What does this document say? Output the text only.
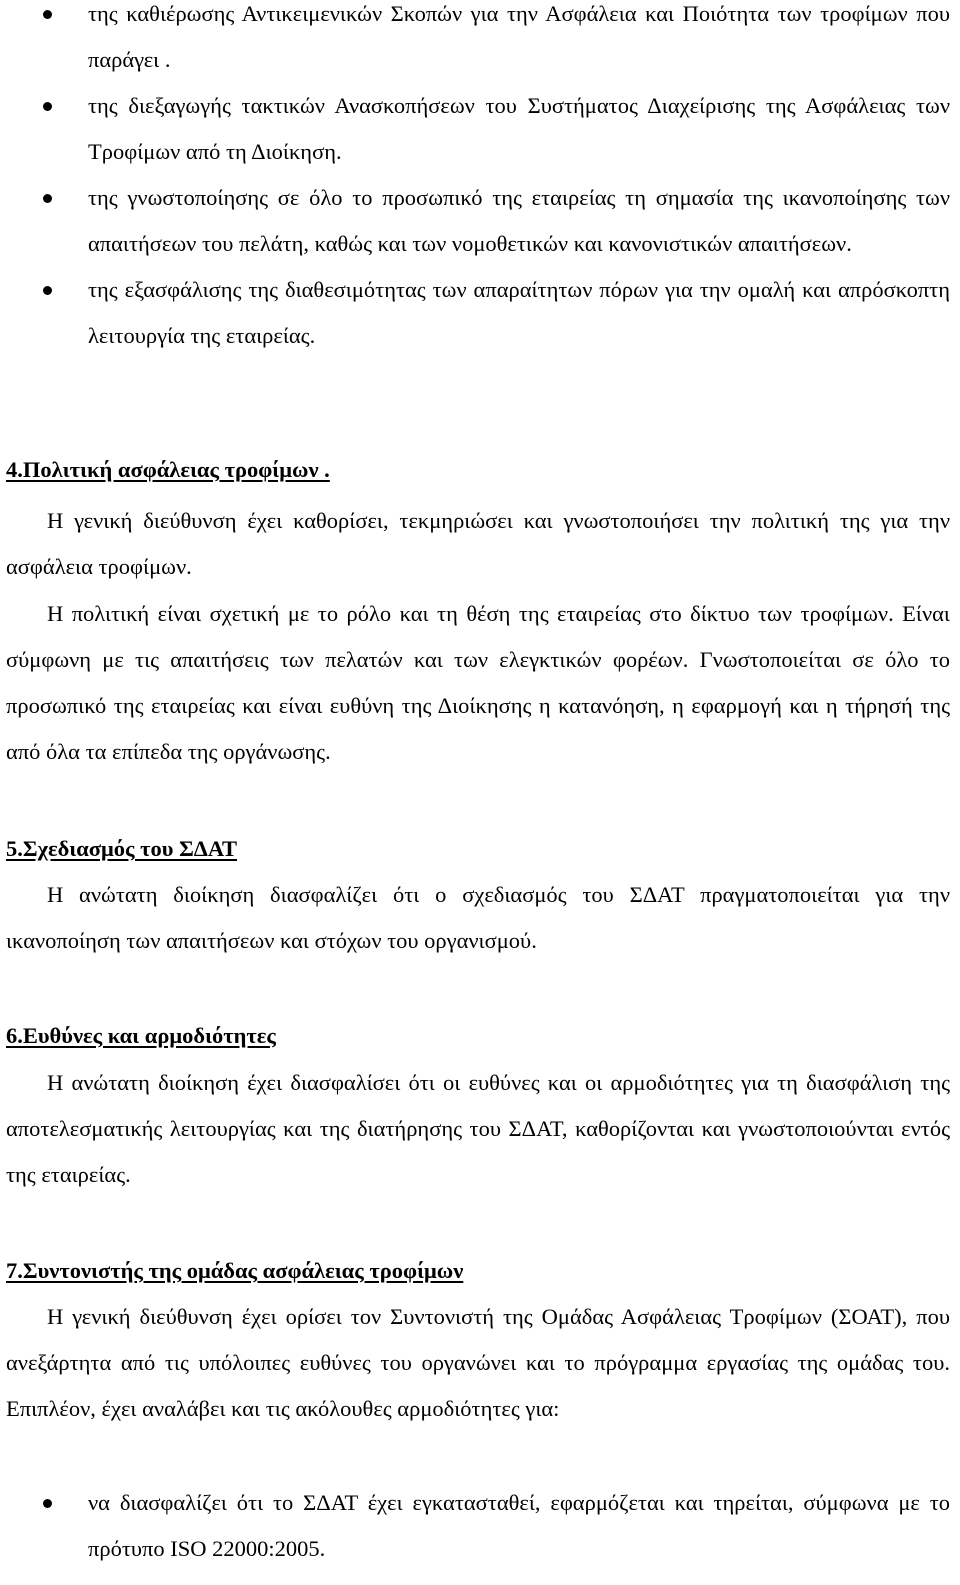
της καθιέρωσης Αντικειμενικών Σκοπών για την Ασφάλεια και Ποιότητα των τροφίμων που παράγει .
της διεξαγωγής τακτικών Ανασκοπήσεων του Συστήματος Διαχείρισης της Ασφάλειας των Τροφίμων από τη Διοίκηση.
της γνωστοποίησης σε όλο το προσωπικό της εταιρείας τη σημασία της ικανοποίησης των απαιτήσεων του πελάτη, καθώς και των νομοθετικών και κανονιστικών απαιτήσεων.
της εξασφάλισης της διαθεσιμότητας των απαραίτητων πόρων για την ομαλή και απρόσκοπτη λειτουργία της εταιρείας.
4.Πολιτική ασφάλειας τροφίμων .

Η γενική διεύθυνση έχει καθορίσει, τεκμηριώσει και γνωστοποιήσει την πολιτική της για την ασφάλεια τροφίμων.

Η πολιτική είναι σχετική με το ρόλο και τη θέση της εταιρείας στο δίκτυο των τροφίμων. Είναι σύμφωνη με τις απαιτήσεις των πελατών και των ελεγκτικών φορέων. Γνωστοποιείται σε όλο το προσωπικό της εταιρείας και είναι ευθύνη της Διοίκησης η κατανόηση, η εφαρμογή και η τήρησή της από όλα τα επίπεδα της οργάνωσης.

5.Σχεδιασμός του ΣΔΑΤ

Η ανώτατη διοίκηση διασφαλίζει ότι ο σχεδιασμός του ΣΔΑΤ πραγματοποιείται για την ικανοποίηση των απαιτήσεων και στόχων του οργανισμού.

6.Ευθύνες και αρμοδιότητες

Η ανώτατη διοίκηση έχει διασφαλίσει ότι οι ευθύνες και οι αρμοδιότητες για τη διασφάλιση της αποτελεσματικής λειτουργίας και της διατήρησης του ΣΔΑΤ, καθορίζονται και γνωστοποιούνται εντός της εταιρείας.

7.Συντονιστής της ομάδας ασφάλειας τροφίμων

Η γενική διεύθυνση έχει ορίσει τον Συντονιστή της Ομάδας Ασφάλειας Τροφίμων (ΣΟΑΤ), που ανεξάρτητα από τις υπόλοιπες ευθύνες του οργανώνει και το πρόγραμμα εργασίας της ομάδας του. Επιπλέον, έχει αναλάβει και τις ακόλουθες αρμοδιότητες για:

να διασφαλίζει ότι το ΣΔΑΤ έχει εγκατασταθεί, εφαρμόζεται και τηρείται, σύμφωνα με το πρότυπο ISO 22000:2005.
